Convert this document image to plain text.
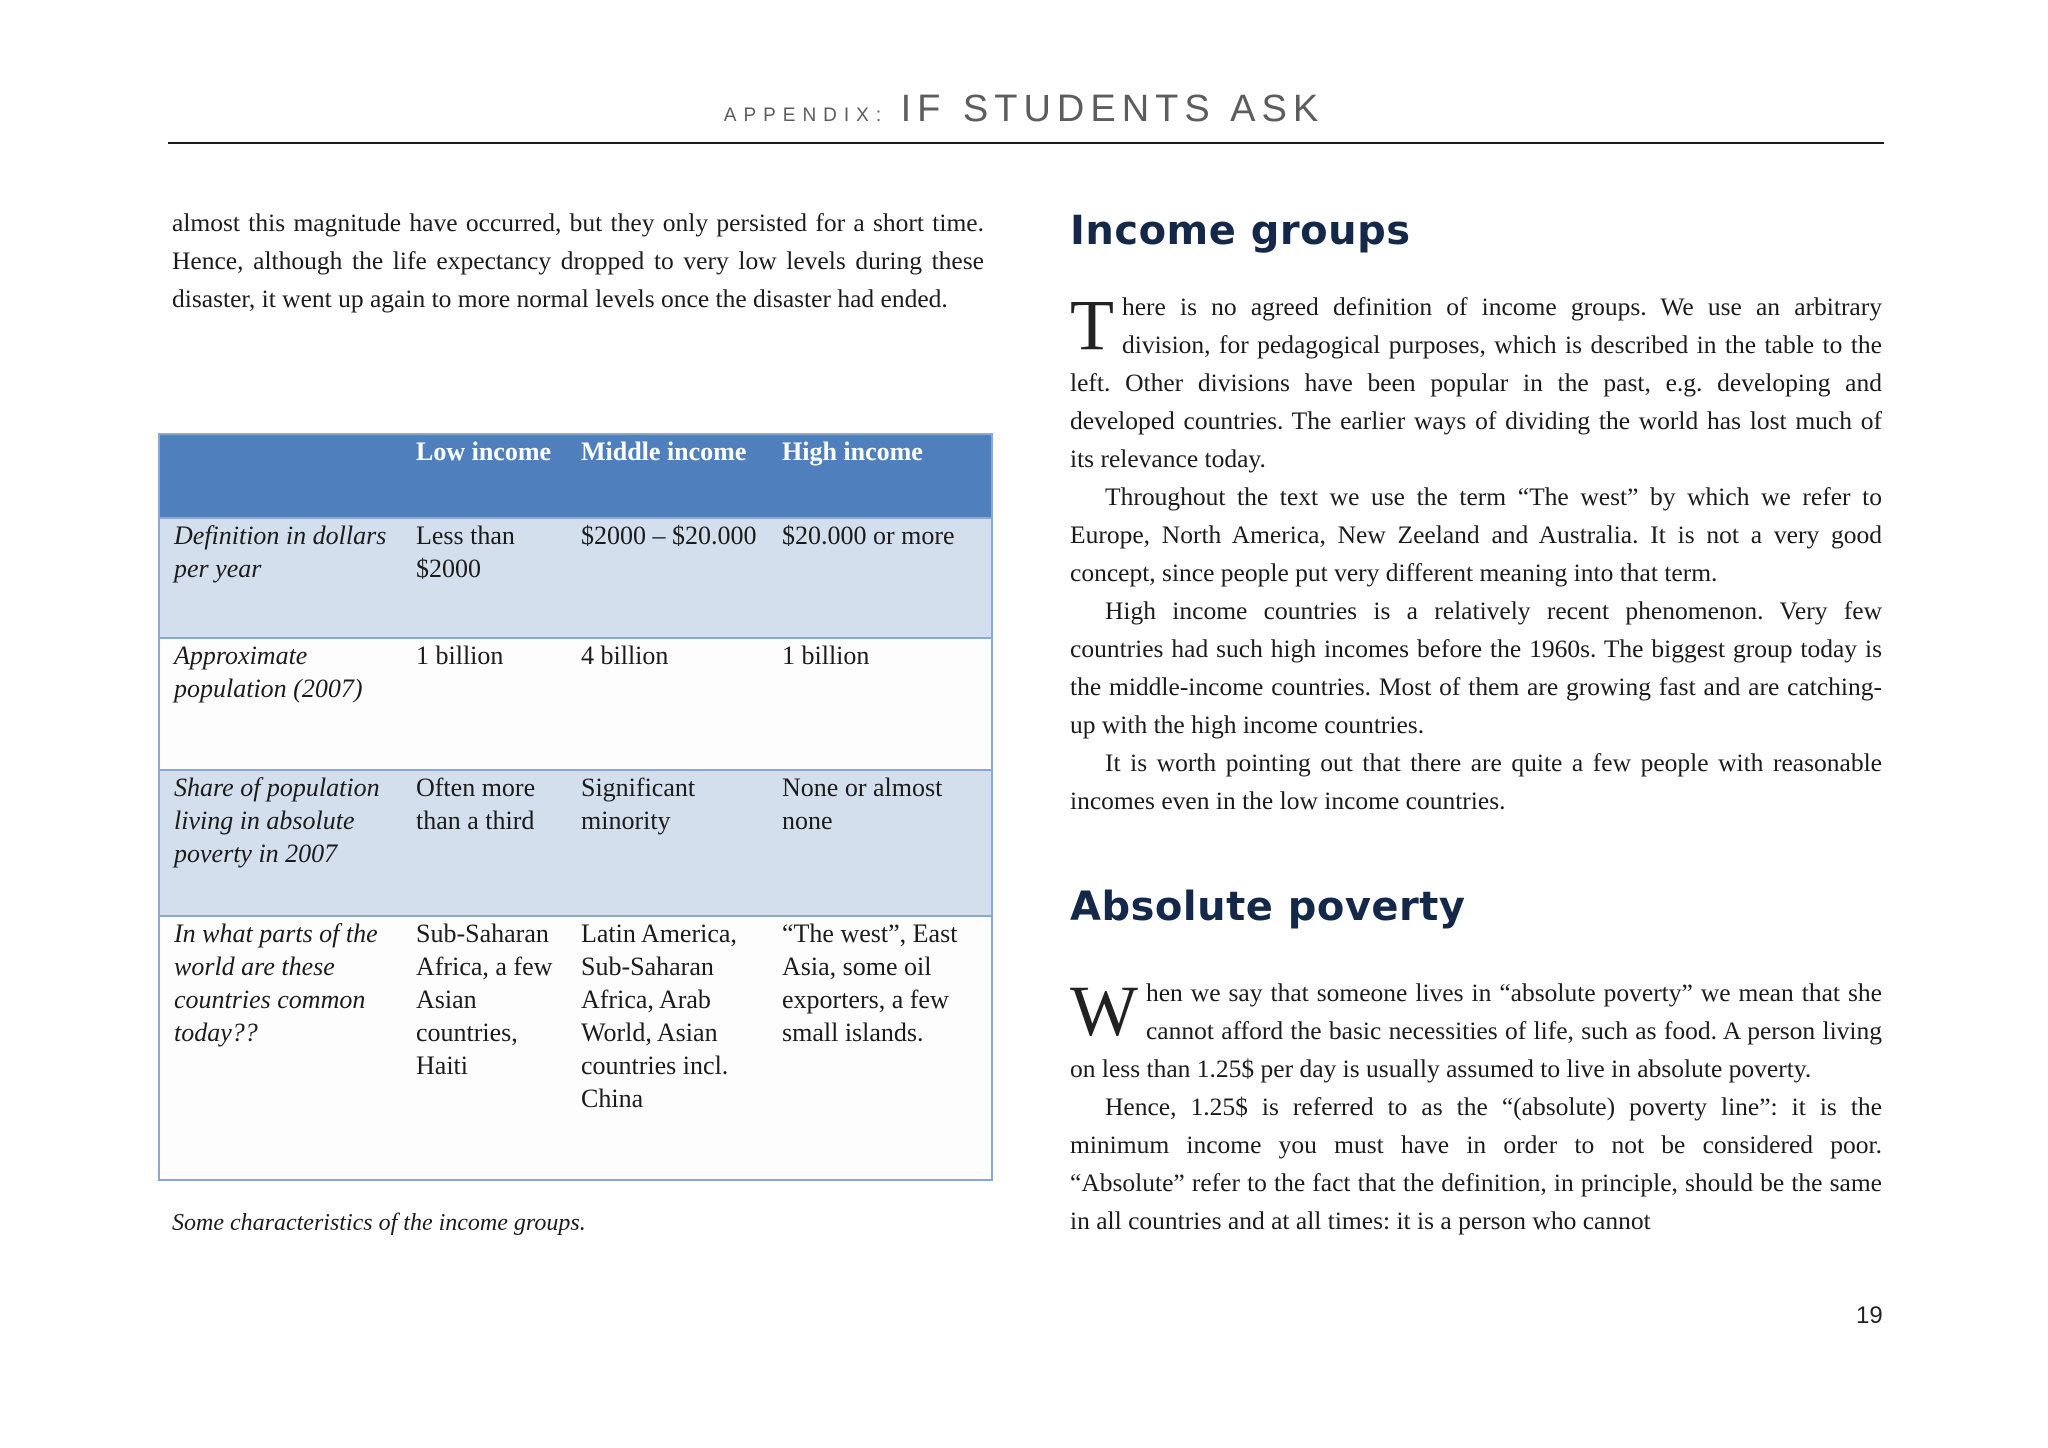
APPENDIX: IF STUDENTS ASK

almost this magnitude have occurred, but they only persisted for a short time. Hence, although the life expectancy dropped to very low levels during these disaster, it went up again to more normal levels once the disaster had ended.

	Low income	Middle income	High income
Definition in dollars per year	Less than $2000	$2000 – $20.000	$20.000 or more
Approximate population (2007)	1 billion	4 billion	1 billion
Share of population living in absolute poverty in 2007	Often more than a third	Significant minority	None or almost none
In what parts of the world are these countries common today??	Sub-Saharan Africa, a few Asian countries, Haiti	Latin America, Sub-Saharan Africa, Arab World, Asian countries incl. China	“The west”, East Asia, some oil exporters, a few small islands.

Some characteristics of the income groups.

Income groups

There is no agreed definition of income groups. We use an arbitrary division, for pedagogical purposes, which is described in the table to the left. Other divisions have been popular in the past, e.g. developing and developed countries. The earlier ways of dividing the world has lost much of its relevance today.

Throughout the text we use the term “The west” by which we refer to Europe, North America, New Zeeland and Australia. It is not a very good concept, since people put very different meaning into that term.

High income countries is a relatively recent phenomenon. Very few countries had such high incomes before the 1960s. The biggest group today is the middle-income countries. Most of them are growing fast and are catching-up with the high income countries.

It is worth pointing out that there are quite a few people with reasonable incomes even in the low income countries.

Absolute poverty

When we say that someone lives in “absolute poverty” we mean that she cannot afford the basic necessities of life, such as food. A person living on less than 1.25$ per day is usually assumed to live in absolute poverty.

Hence, 1.25$ is referred to as the “(absolute) poverty line”: it is the minimum income you must have in order to not be considered poor. “Absolute” refer to the fact that the definition, in principle, should be the same in all countries and at all times: it is a person who cannot

19
